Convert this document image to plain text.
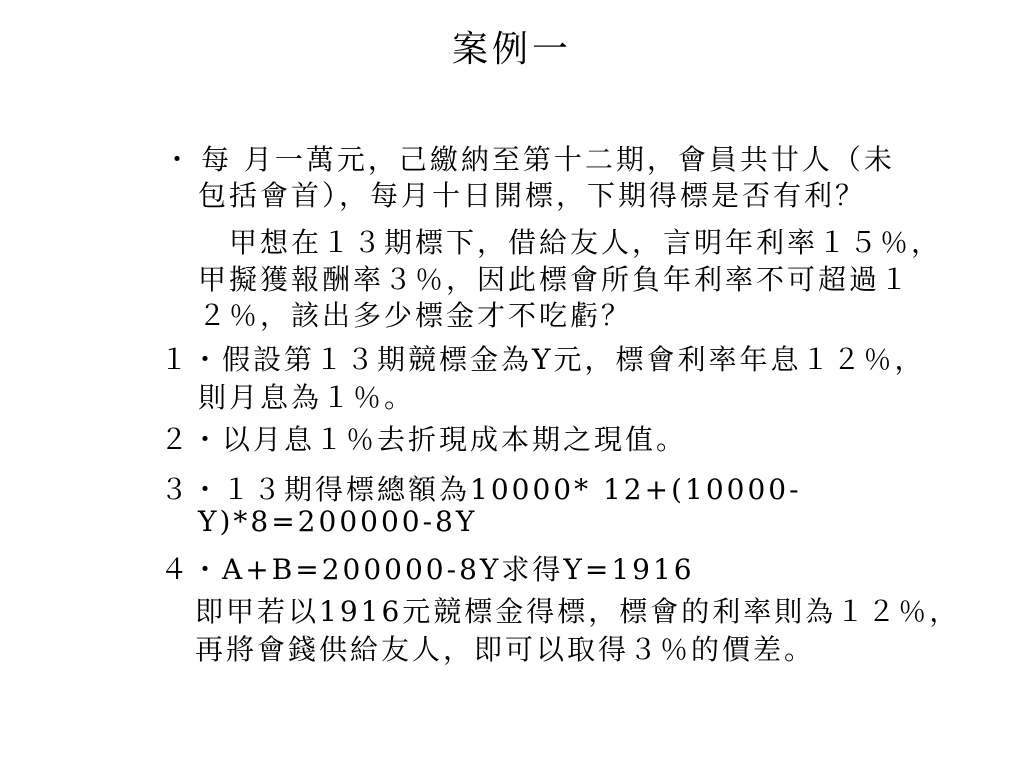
案例一
・ 每 月一萬元，己繳納至第十二期，會員共廿人（未
包括會首），每月十日開標，下期得標是否有利？
　甲想在１３期標下，借給友人，言明年利率１５％，
甲擬獲報酬率３％，因此標會所負年利率不可超過１
２％，該出多少標金才不吃虧？
１・假設第１３期競標金為Y元，標會利率年息１２％，
則月息為１％。
２・以月息１％去折現成本期之現值。
３・１３期得標總額為10000* 12+(10000-
Y)*8=200000-8Y
４・A+B=200000-8Y求得Y=1916
即甲若以1916元競標金得標，標會的利率則為１２％，
再將會錢供給友人，即可以取得３％的價差。
